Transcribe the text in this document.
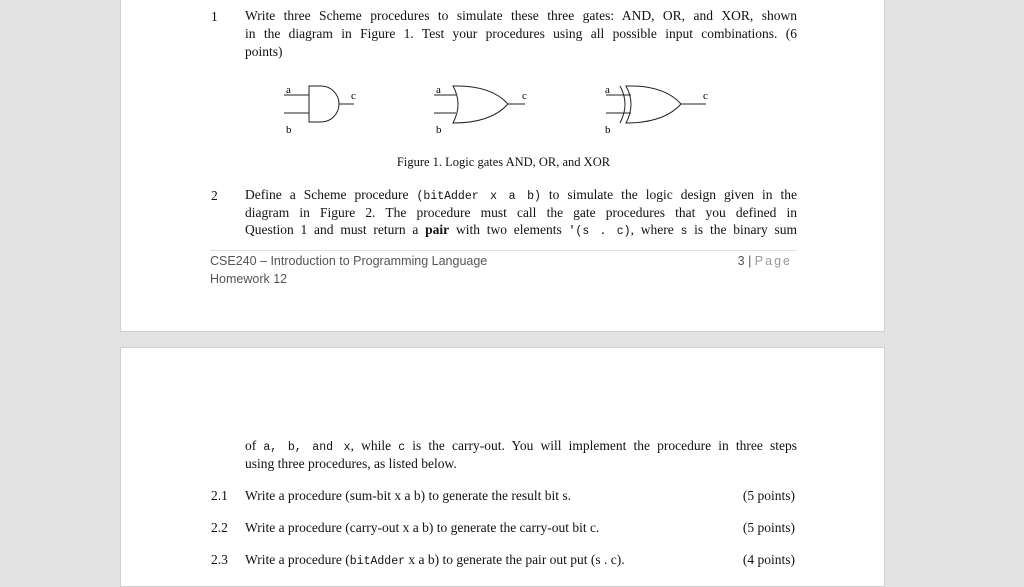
1 Write three Scheme procedures to simulate these three gates: AND, OR, and XOR, shown
in the diagram in Figure 1. Test your procedures using all possible input combinations. (6
points)
a
b
c	a
b
c	a
b
c
Figure 1. Logic gates AND, OR, and XOR
2 Define a Scheme procedure (bitAdder x a b) to simulate the logic design given in the
diagram in Figure 2. The procedure must call the gate procedures that you defined in
Question 1 and must return a pair with two elements '(s . c), where s is the binary sum
CSE240 – Introduction to Programming Language
Homework 12
3 | Page
of a, b, and x, while c is the carry-out. You will implement the procedure in three steps
using three procedures, as listed below.
2.1 Write a procedure (sum-bit x a b) to generate the result bit s.	(5 points)
2.2 Write a procedure (carry-out x a b) to generate the carry-out bit c.	(5 points)
2.3 Write a procedure (bitAdder x a b) to generate the pair out put (s . c).	(4 points)
